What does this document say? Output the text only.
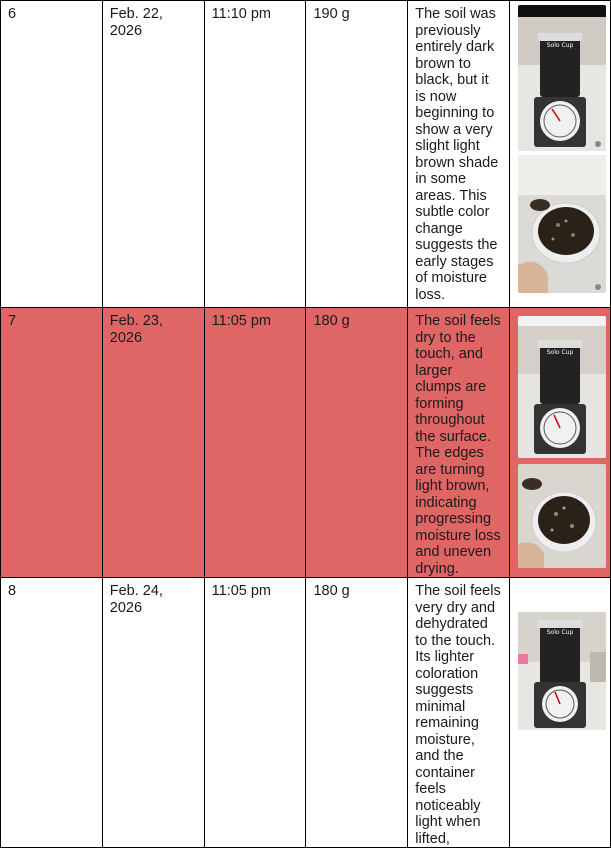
6	Feb. 22, 2026	11:10 pm	190 g	The soil was previously entirely dark brown to black, but it is now beginning to show a very slight light brown shade in some areas. This subtle color change suggests the early stages of moisture loss.	Solo Cup

7	Feb. 23, 2026	11:05 pm	180 g	The soil feels dry to the touch, and larger clumps are forming throughout the surface. The edges are turning light brown, indicating progressing moisture loss and uneven drying.	Solo Cup

8	Feb. 24, 2026	11:05 pm	180 g	The soil feels very dry and dehydrated to the touch. Its lighter coloration suggests minimal remaining moisture, and the container feels noticeably light when lifted,	Solo Cup
